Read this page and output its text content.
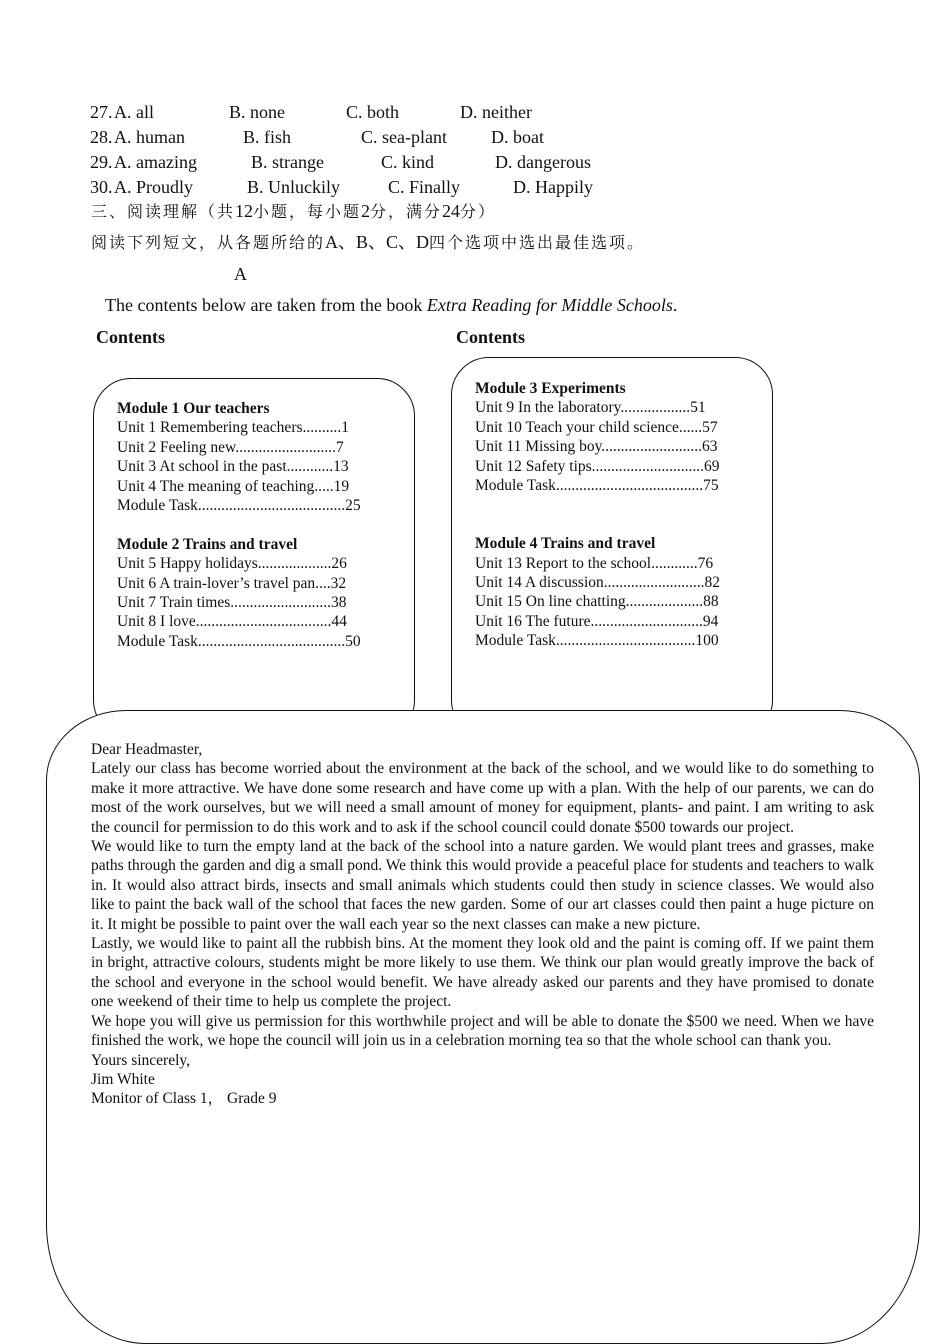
27. A. all	B. none	C. both	D. neither
28. A. human	B. fish	C. sea-plant D. boat
29. A. amazing	B. strange	C. kind	D. dangerous
30. A. Proudly	B. Unluckily	C. Finally	D. Happily
三、阅读理解（共12小题，每小题2分，满分24分）
阅读下列短文，从各题所给的A、B、C、D四个选项中选出最佳选项。
A
The contents below are taken from the book Extra Reading for Middle Schools.
Contents	Contents
Module 1 Our teachers
Unit 1 Remembering teachers..........1
Unit 2 Feeling new..........................7
Unit 3 At school in the past............13
Unit 4 The meaning of teaching.....19
Module Task......................................25
Module 2 Trains and travel
Unit 5 Happy holidays...................26
Unit 6 A train-lover’s travel pan....32
Unit 7 Train times..........................38
Unit 8 I love...................................44
Module Task......................................50
Module 3 Experiments
Unit 9 In the laboratory..................51
Unit 10 Teach your child science......57
Unit 11 Missing boy..........................63
Unit 12 Safety tips.............................69
Module Task......................................75
Module 4 Trains and travel
Unit 13 Report to the school............76
Unit 14 A discussion..........................82
Unit 15 On line chatting....................88
Unit 16 The future.............................94
Module Task....................................100

Dear Headmaster,

Lately our class has become worried about the environment at the back of the school, and we would like to do something to make it more attractive. We have done some research and have come up with a plan. With the help of our parents, we can do most of the work ourselves, but we will need a small amount of money for equipment, plants- and paint. I am writing to ask the council for permission to do this work and to ask if the school council could donate $500 towards our project.

We would like to turn the empty land at the back of the school into a nature garden. We would plant trees and grasses, make paths through the garden and dig a small pond. We think this would provide a peaceful place for students and teachers to walk in. It would also attract birds, insects and small animals which students could then study in science classes. We would also like to paint the back wall of the school that faces the new garden. Some of our art classes could then paint a huge picture on it. It might be possible to paint over the wall each year so the next classes can make a new picture.

Lastly, we would like to paint all the rubbish bins. At the moment they look old and the paint is coming off. If we paint them in bright, attractive colours, students might be more likely to use them. We think our plan would greatly improve the back of the school and everyone in the school would benefit. We have already asked our parents and they have promised to donate one weekend of their time to help us complete the project.

We hope you will give us permission for this worthwhile project and will be able to donate the $500 we need. When we have finished the work, we hope the council will join us in a celebration morning tea so that the whole school can thank you.

Yours sincerely,

Jim White

Monitor of Class 1， Grade 9
